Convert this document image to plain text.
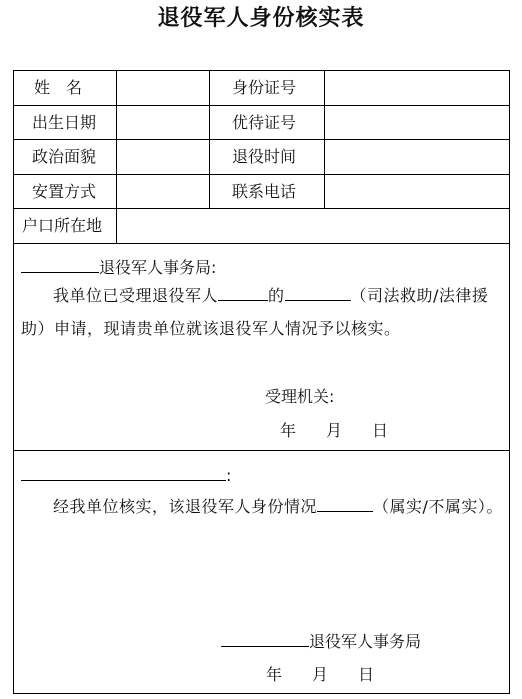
退役军人身份核实表
姓　名	身份证号
出生日期	优待证号
政治面貌	退役时间
安置方式	联系电话
户口所在地
退役军人事务局:
我单位已受理退役军人	的	（司法救助/法律援助）申请，现请贵单位就该退役军人情况予以核实。
受理机关:
年 月 日
:
经我单位核实，该退役军人身份情况	（属实/不属实）。
退役军人事务局
年 月 日
